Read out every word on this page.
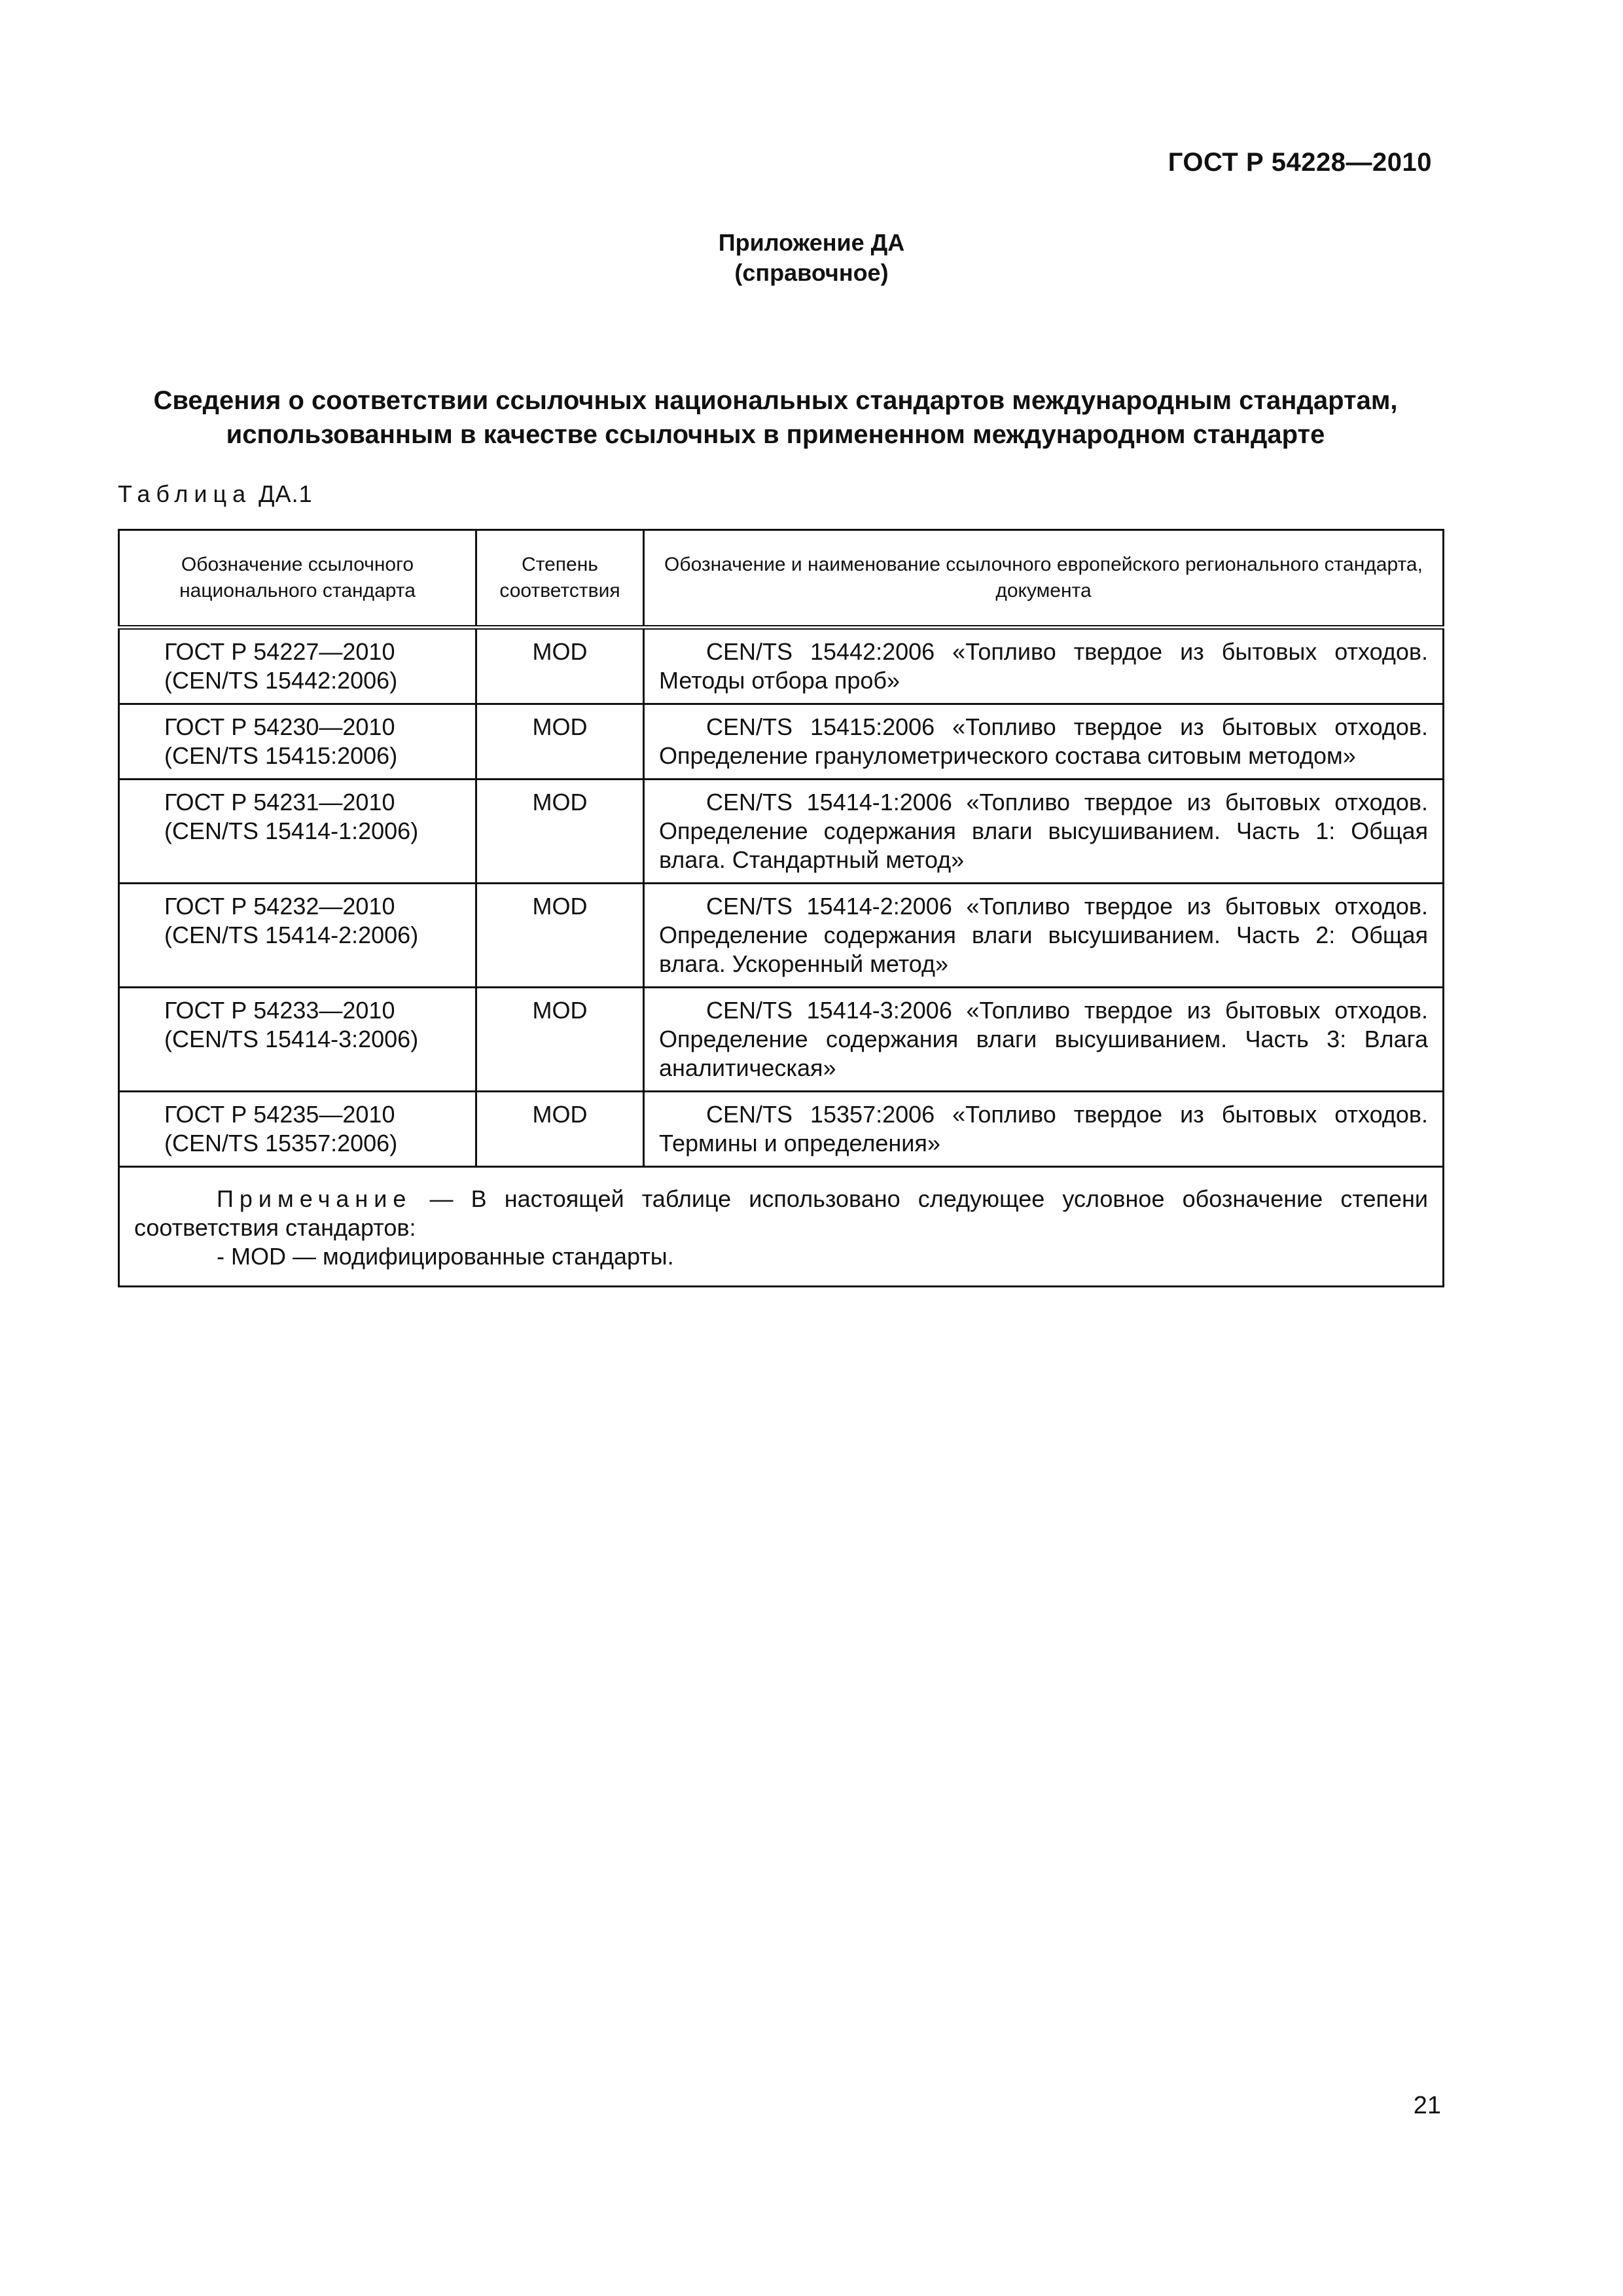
ГОСТ Р 54228—2010
Приложение ДА
(справочное)
Сведения о соответствии ссылочных национальных стандартов международным стандартам,
использованным в качестве ссылочных в примененном международном стандарте
Таблица ДА.1
Обозначение ссылочного национального стандарта	Степень соответствия	Обозначение и наименование ссылочного европейского регионального стандарта, документа

ГОСТ Р 54227—2010
(CEN/TS 15442:2006)	MOD	CEN/TS 15442:2006 «Топливо твердое из бытовых отходов. Методы отбора проб»

ГОСТ Р 54230—2010
(CEN/TS 15415:2006)	MOD	CEN/TS 15415:2006 «Топливо твердое из бытовых отходов. Определение гранулометрического состава ситовым методом»

ГОСТ Р 54231—2010
(CEN/TS 15414-1:2006)	MOD	CEN/TS 15414-1:2006 «Топливо твердое из бытовых отходов. Определение содержания влаги высушиванием. Часть 1: Общая влага. Стандартный метод»

ГОСТ Р 54232—2010
(CEN/TS 15414-2:2006)	MOD	CEN/TS 15414-2:2006 «Топливо твердое из бытовых отходов. Определение содержания влаги высушиванием. Часть 2: Общая влага. Ускоренный метод»

ГОСТ Р 54233—2010
(CEN/TS 15414-3:2006)	MOD	CEN/TS 15414-3:2006 «Топливо твердое из бытовых отходов. Определение содержания влаги высушиванием. Часть 3: Влага аналитическая»

ГОСТ Р 54235—2010
(CEN/TS 15357:2006)	MOD	CEN/TS 15357:2006 «Топливо твердое из бытовых отходов. Термины и определения»

Примечание — В настоящей таблице использовано следующее условное обозначение степени соответствия стандартов:
- MOD — модифицированные стандарты.		
21
